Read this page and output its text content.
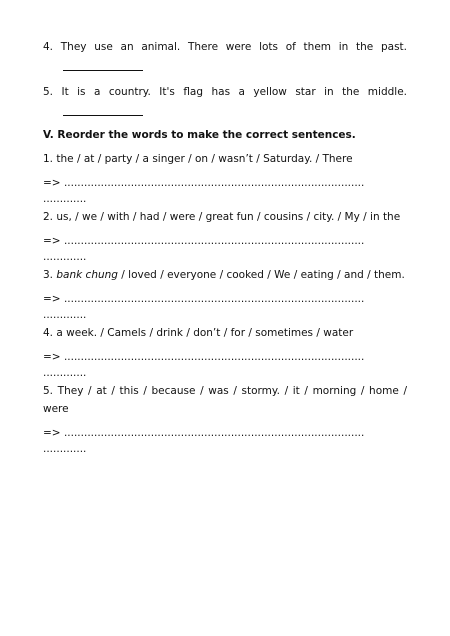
4. They use an animal. There were lots of them in the past.

5. It is a country. It's flag has a yellow star in the middle.

V. Reorder the words to make the correct sentences.

1. the / at / party / a singer / on / wasn’t / Saturday. / There

=> ..........................................................................................
.............

2. us, / we / with / had / were / great fun / cousins / city. / My / in the

=> ..........................................................................................
.............

3. bank chung / loved / everyone / cooked / We / eating / and / them.

=> ..........................................................................................
.............

4. a week. / Camels / drink / don’t / for / sometimes / water

=> ..........................................................................................
.............

5. They / at / this / because / was / stormy. / it / morning / home / were

=> ..........................................................................................
.............
